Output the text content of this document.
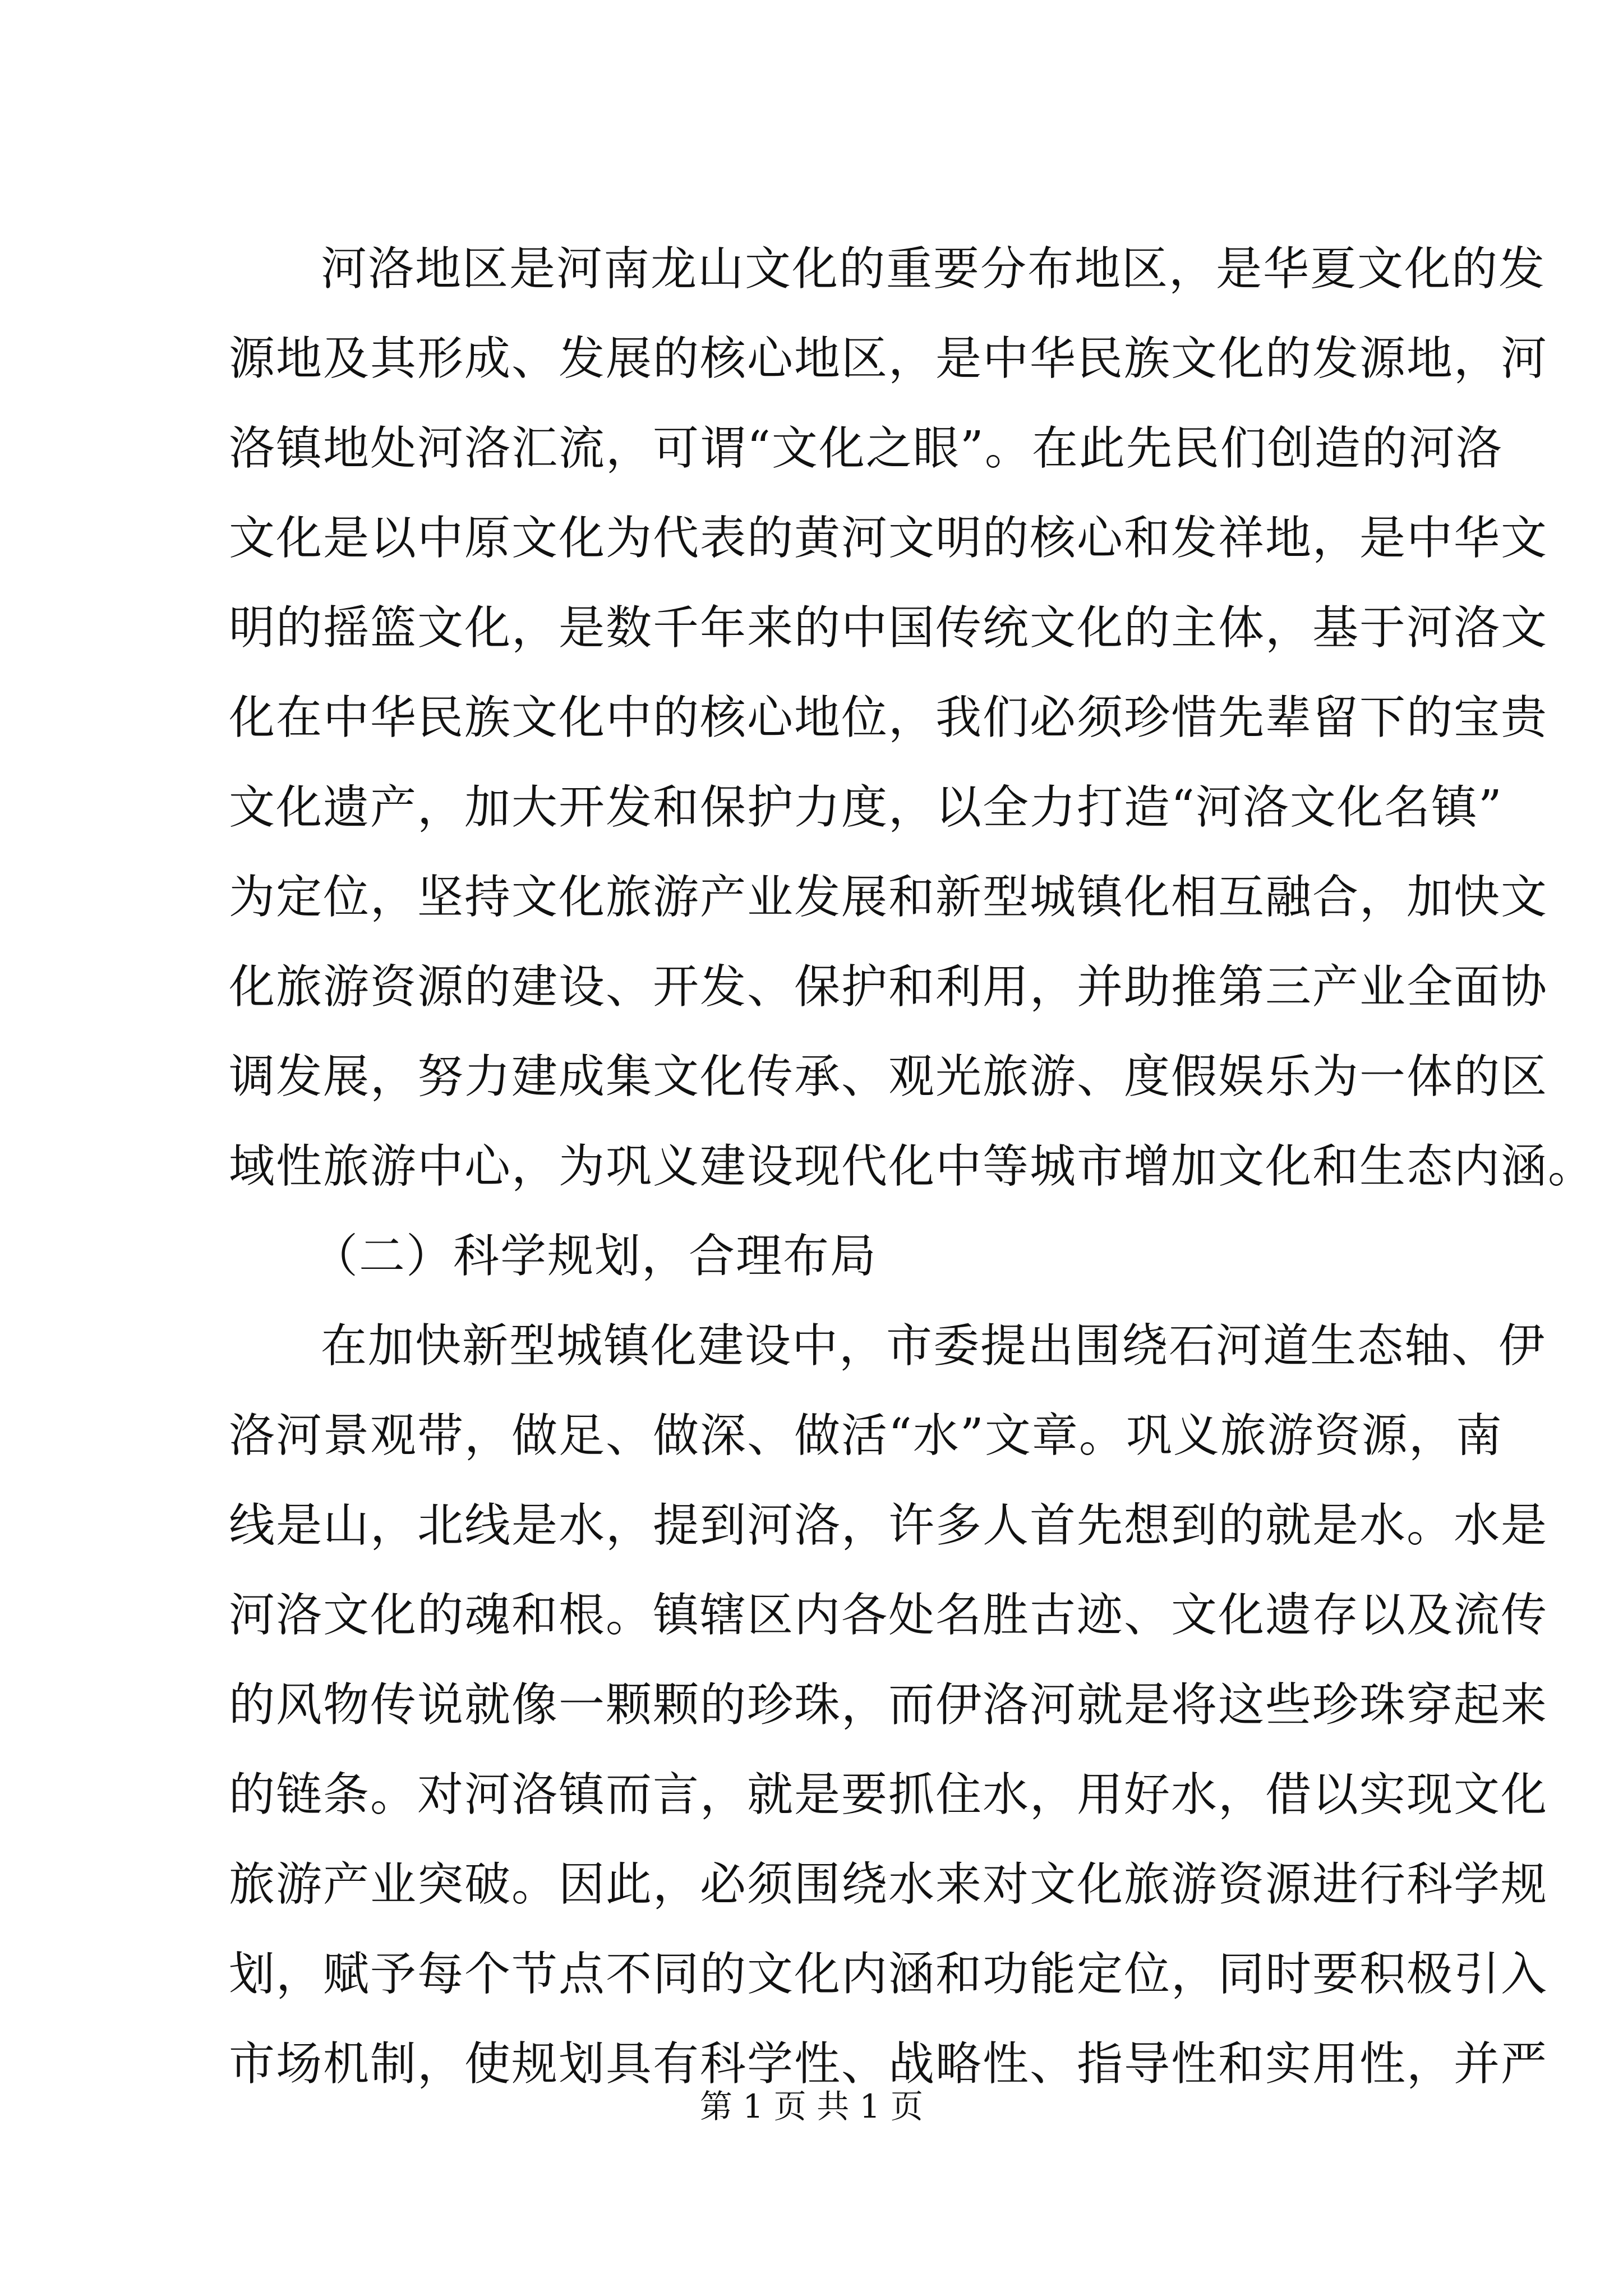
河洛地区是河南龙山文化的重要分布地区，是华夏文化的发
源地及其形成、发展的核心地区，是中华民族文化的发源地，河
洛镇地处河洛汇流，可谓“文化之眼”。在此先民们创造的河洛
文化是以中原文化为代表的黄河文明的核心和发祥地，是中华文
明的摇篮文化，是数千年来的中国传统文化的主体，基于河洛文
化在中华民族文化中的核心地位，我们必须珍惜先辈留下的宝贵
文化遗产，加大开发和保护力度，以全力打造“河洛文化名镇”
为定位，坚持文化旅游产业发展和新型城镇化相互融合，加快文
化旅游资源的建设、开发、保护和利用，并助推第三产业全面协
调发展，努力建成集文化传承、观光旅游、度假娱乐为一体的区
域性旅游中心，为巩义建设现代化中等城市增加文化和生态内涵。
（二）科学规划，合理布局
在加快新型城镇化建设中，市委提出围绕石河道生态轴、伊
洛河景观带，做足、做深、做活“水”文章。巩义旅游资源，南
线是山，北线是水，提到河洛，许多人首先想到的就是水。水是
河洛文化的魂和根。镇辖区内各处名胜古迹、文化遗存以及流传
的风物传说就像一颗颗的珍珠，而伊洛河就是将这些珍珠穿起来
的链条。对河洛镇而言，就是要抓住水，用好水，借以实现文化
旅游产业突破。因此，必须围绕水来对文化旅游资源进行科学规
划，赋予每个节点不同的文化内涵和功能定位，同时要积极引入
市场机制，使规划具有科学性、战略性、指导性和实用性，并严
第 1 页 共 1 页
